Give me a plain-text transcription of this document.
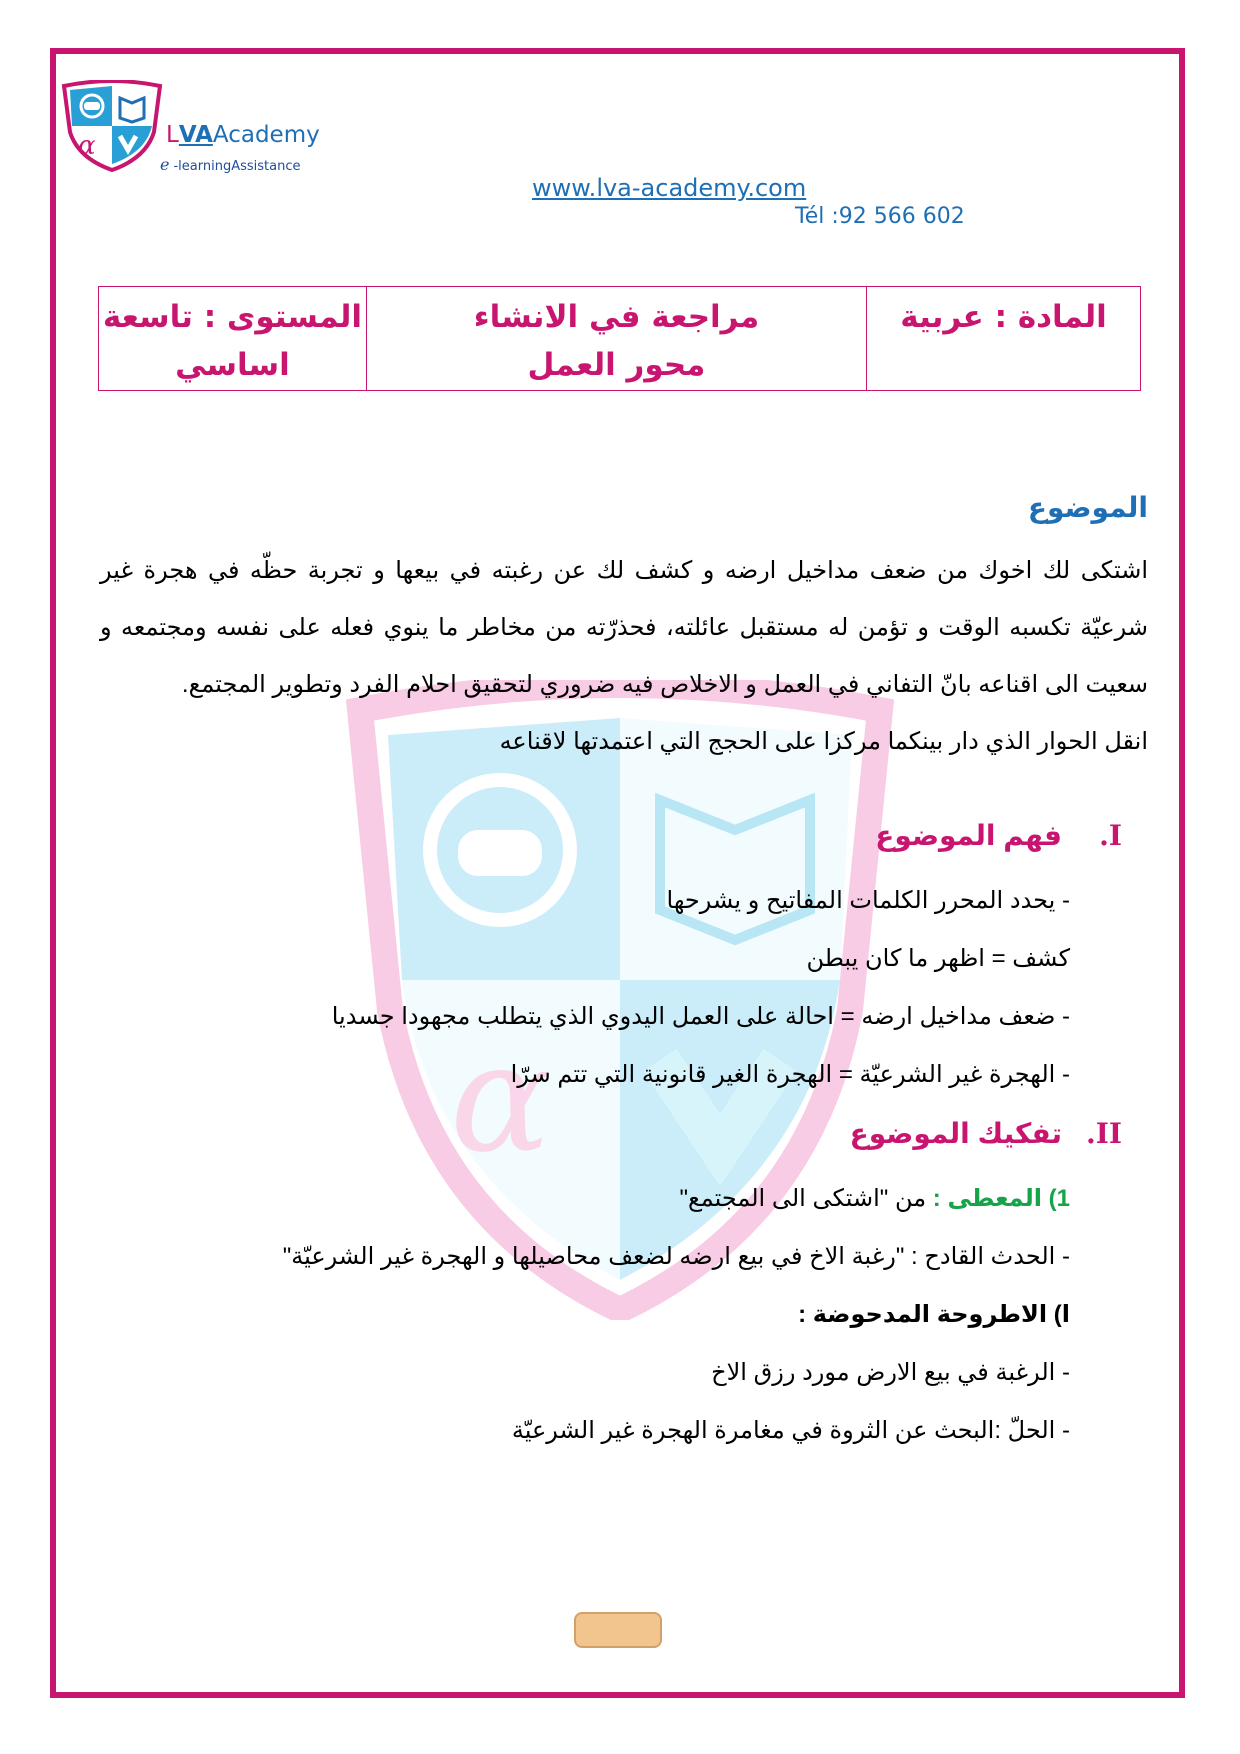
α
α	LVAAcademy
e -learningAssistance
www.lva-academy.com
Tél :92 566 602
المادة : عربية

مراجعة في الانشاء
محور العمل

المستوى : تاسعة
اساسي
الموضوع

اشتكى لك اخوك من ضعف مداخيل ارضه و كشف لك عن رغبته في بيعها و تجربة حظّه في هجرة غير شرعيّة تكسبه الوقت و تؤمن له مستقبل عائلته، فحذرّته من مخاطر ما ينوي فعله على نفسه ومجتمعه و سعيت الى اقناعه بانّ التفاني في العمل و الاخلاص فيه ضروري لتحقيق احلام الفرد وتطوير المجتمع.

انقل الحوار الذي دار بينكما مركزا على الحجج التي اعتمدتها لاقناعه

I.فهم الموضوع

- يحدد المحرر الكلمات المفاتيح و يشرحها

كشف = اظهر ما كان يبطن

- ضعف مداخيل ارضه = احالة على العمل اليدوي الذي يتطلب مجهودا جسديا

- الهجرة غير الشرعيّة = الهجرة الغير قانونية التي تتم سرّا

II.تفكيك الموضوع

1) المعطى : من "اشتكى الى المجتمع"

- الحدث القادح : "رغبة الاخ في بيع ارضه لضعف محاصيلها و الهجرة غير الشرعيّة"

ا) الاطروحة المدحوضة :

- الرغبة في بيع الارض مورد رزق الاخ

- الحلّ :البحث عن الثروة في مغامرة الهجرة غير الشرعيّة
